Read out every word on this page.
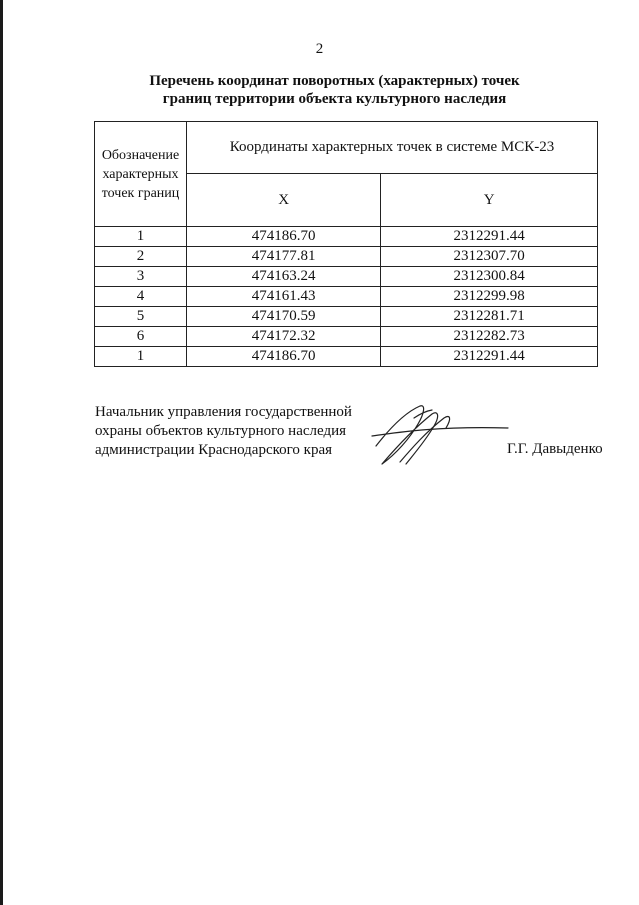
2
Перечень координат поворотных (характерных) точек
границ территории объекта культурного наследия
Обозначение
характерных
точек границ	Координаты характерных точек в системе МСК-23	
	X	Y
1	474186.70	2312291.44
2	474177.81	2312307.70
3	474163.24	2312300.84
4	474161.43	2312299.98
5	474170.59	2312281.71
6	474172.32	2312282.73
1	474186.70	2312291.44
Начальник управления государственной
охраны объектов культурного наследия
администрации Краснодарского края	Г.Г. Давыденко
